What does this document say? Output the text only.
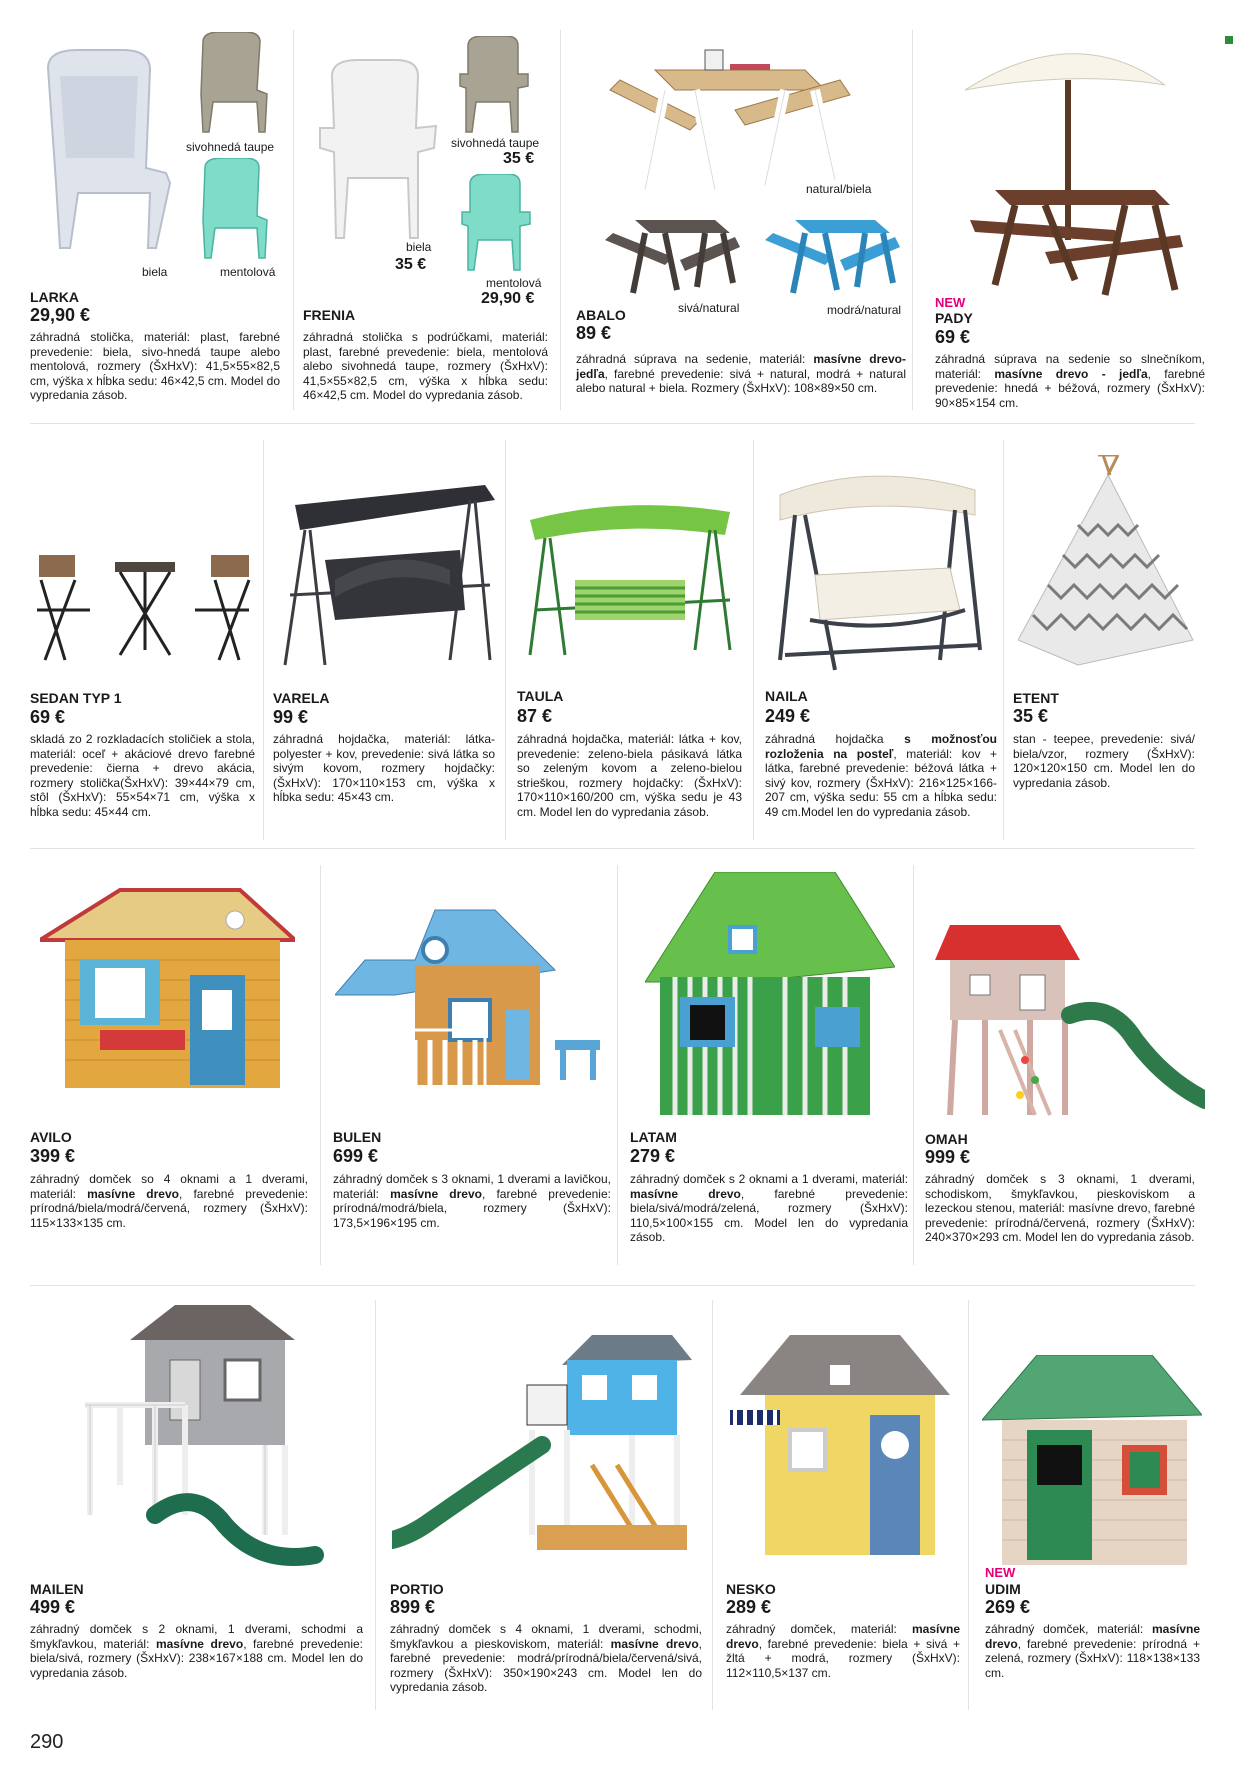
sivohnedá taupe
biela	mentolová
LARKA
29,90 €
záhradná stolička, materiál: plast, farebné prevedenie: biela, sivo-hnedá taupe alebo mentolová, rozmery (ŠxHxV): 41,5×55×82,5 cm, výška x hĺbka sedu: 46×42,5 cm. Model do vypredania zásob.
sivohnedá taupe
35 €
biela
35 €
mentolová
29,90 €
FRENIA
záhradná stolička s podrúčkami, materiál: plast, farebné prevedenie: biela, mentolová alebo sivohnedá taupe, rozmery (ŠxHxV): 41,5×55×82,5 cm, výška x hĺbka sedu: 46×42,5 cm. Model do vypredania zásob.
natural/biela
sivá/natural	modrá/natural
ABALO
89 €
záhradná súprava na sedenie, materiál: masívne drevo-jedľa, farebné prevedenie: sivá + natural, modrá + natural alebo natural + biela. Rozmery (ŠxHxV): 108×89×50 cm.
NEW
PADY
69 €
záhradná súprava na sedenie so slnečníkom, materiál: masívne drevo - jedľa, farebné prevedenie: hnedá + béžová, rozmery (ŠxHxV): 90×85×154 cm.
SEDAN TYP 1
69 €
skladá zo 2 rozkladacích stoličiek a stola, materiál: oceľ + akáciové drevo farebné prevedenie: čierna + drevo akácia, rozmery stolička(ŠxHxV): 39×44×79 cm, stôl (ŠxHxV): 55×54×71 cm, výška x hĺbka sedu: 45×44 cm.
VARELA
99 €
záhradná hojdačka, materiál: látka-polyester + kov, prevedenie: sivá látka so sivým kovom, rozmery hojdačky: (ŠxHxV): 170×110×153 cm, výška x hĺbka sedu: 45×43 cm.
TAULA
87 €
záhradná hojdačka, materiál: látka + kov, prevedenie: zeleno-biela pásikavá látka so zeleným kovom a zeleno-bielou strieškou, rozmery hojdačky: (ŠxHxV): 170×110×160/200 cm, výška sedu je 43 cm. Model len do vypredania zásob.
NAILA
249 €
záhradná hojdačka s možnosťou rozloženia na posteľ, materiál: kov + látka, farebné prevedenie: béžová látka + sivý kov, rozmery (ŠxHxV): 216×125×166-207 cm, výška sedu: 55 cm a hĺbka sedu: 49 cm.Model len do vypredania zásob.
ETENT
35 €
stan - teepee, prevedenie: sivá/ biela/vzor, rozmery (ŠxHxV): 120×120×150 cm. Model len do vypredania zásob.
AVILO
399 €
záhradný domček so 4 oknami a 1 dverami, materiál: masívne drevo, farebné prevedenie: prírodná/biela/modrá/červená, rozmery (ŠxHxV): 115×133×135 cm.
BULEN
699 €
záhradný domček s 3 oknami, 1 dverami a lavičkou, materiál: masívne drevo, farebné prevedenie: prírodná/modrá/biela, rozmery (ŠxHxV): 173,5×196×195 cm.
LATAM
279 €
záhradný domček s 2 oknami a 1 dverami, materiál: masívne drevo, farebné prevedenie: biela/sivá/modrá/zelená, rozmery (ŠxHxV): 110,5×100×155 cm. Model len do vypredania zásob.
OMAH
999 €
záhradný domček s 3 oknami, 1 dverami, schodiskom, šmykľavkou, pieskoviskom a lezeckou stenou, materiál: masívne drevo, farebné prevedenie: prírodná/červená, rozmery (ŠxHxV): 240×370×293 cm. Model len do vypredania zásob.
MAILEN
499 €
záhradný domček s 2 oknami, 1 dverami, schodmi a šmykľavkou, materiál: masívne drevo, farebné prevedenie: biela/sivá, rozmery (ŠxHxV): 238×167×188 cm. Model len do vypredania zásob.
PORTIO
899 €
záhradný domček s 4 oknami, 1 dverami, schodmi, šmykľavkou a pieskoviskom, materiál: masívne drevo, farebné prevedenie: modrá/prírodná/biela/červená/sivá, rozmery (ŠxHxV): 350×190×243 cm. Model len do vypredania zásob.
NESKO
289 €
záhradný domček, materiál: masívne drevo, farebné prevedenie: biela + sivá + žltá + modrá, rozmery (ŠxHxV): 112×110,5×137 cm.
NEW
UDIM
269 €
záhradný domček, materiál: masívne drevo, farebné prevedenie: prírodná + zelená, rozmery (ŠxHxV): 118×138×133 cm.
290
